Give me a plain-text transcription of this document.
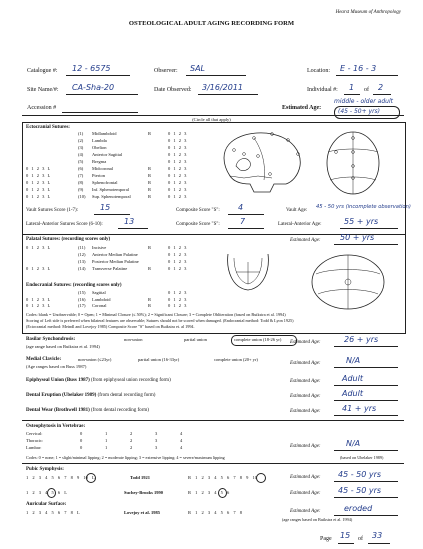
Hearst Museum of Anthropology
OSTEOLOGICAL ADULT AGING RECORDING FORM
Catalogue #: 12 - 6575	Observer: SAL	Location: E - 16 - 3
Site Name/#: CA-Sha-20	Date Observed: 3/16/2011	Individual #: 1 of 2
Accession #	Estimated Age:
middle - older adult
(45 - 50+ yrs)
(Circle all that apply)
Ectocranial Sutures:
(1) Midlambdoid	R	0 1 2 3
(2) Lambda	0 1 2 3
(3) Obelion	0 1 2 3
(4) Anterior Sagittal	0 1 2 3
(5) Bregma	0 1 2 3
0 1 2 3 L	(6) Midcoronal	R	0 1 2 3
0 1 2 3 L	(7) Pterion	R	0 1 2 3
0 1 2 3 L	(8) Sphenofrontal	R	0 1 2 3
0 1 2 3 L	(9) Inf. Sphenotemporal	R	0 1 2 3
0 1 2 3 L	(10) Sup. Sphenotemporal	R	0 1 2 3
Vault Sutures Score (1-7):	15	Composite Score "S": 4	Vault Age:
45 - 50 yrs (incomplete observation)
Lateral-Anterior Sutures Score (6-10):	13	Composite Score "S":	7	Lateral-Anterior Age:	55 + yrs
Palatal Sutures: (recording scores only)	Estimated Age: 50 + yrs
0 1 2 3 L	(11) Incisive	R	0 1 2 3
(12) Anterior Median Palatine	0 1 2 3
(13) Posterior Median Palatine	0 1 2 3
0 1 2 3 L	(14) Transverse Palatine	R	0 1 2 3
Endocranial Sutures: (recording scores only)
(15) Sagittal	0 1 2 3
0 1 2 3 L	(16) Lambdoid	R	0 1 2 3
0 1 2 3 L	(17) Coronal	R	0 1 2 3
Codes: blank = Unobservable; 0 = Open; 1 = Minimal Closure (≤ 50%); 2 = Significant Closure; 3 = Complete Obliteration (based on Buikstra et al. 1994)
Scoring of Left side is preferred when bilateral features are observable; Sutures should not be scored when damaged. (Endocranial method: Todd & Lyon 1925)
(Ectocranial method: Meindl and Lovejoy 1985) Composite Score "S" based on Buikstra et. al 1994.
Basilar Synchondrosis:	non-union	partial union	complete union (18-26 yr)
(age range based on Buikstra et al. 1994)
Estimated Age:	26 + yrs
Medial Clavicle:	non-union (≤23yr)	partial union (16-33yr)	complete union (20+ yr)
(Age ranges based on Buss 1987)
Estimated Age:	N/A
Epiphyseal Union (Buss 1987) (from epiphyseal union recording form)	Estimated Age:	Adult
Dental Eruption (Ubelaker 1989) (from dental recording form)	Estimated Age:	Adult
Dental Wear (Brothwell 1981) (from dental recording form)	Estimated Age:	41 + yrs
Osteophytosis in Vertebrae:
Cervical:	0	1	2	3	4
Thoracic:	0	1	2	3	4
Lumbar:	0	1	2	3	4	Estimated Age:	N/A
Codes: 0 = none; 1 = slight/minimal lipping; 2 = moderate lipping; 3 = extensive lipping; 4 = severe/maximum lipping	(based on Ubelaker 1989)
Pubic Symphysis:
1 2 3 4 5 6 7 8 9 10 L	Todd 1921	R 1 2 3 4 5 6 7 8 9 10	Estimated Age: 45 - 50 yrs
1 2 3 4 5 6 L	Suchey-Brooks 1990	R 1 2 3 4 5 6	Estimated Age: 45 - 50 yrs
Auricular Surface:
1 2 3 4 5 6 7 8 L	Lovejoy et al. 1985	R 1 2 3 4 5 6 7 8	Estimated Age:	eroded
(age ranges based on Buikstra et al. 1994)
Page 15 of 33
